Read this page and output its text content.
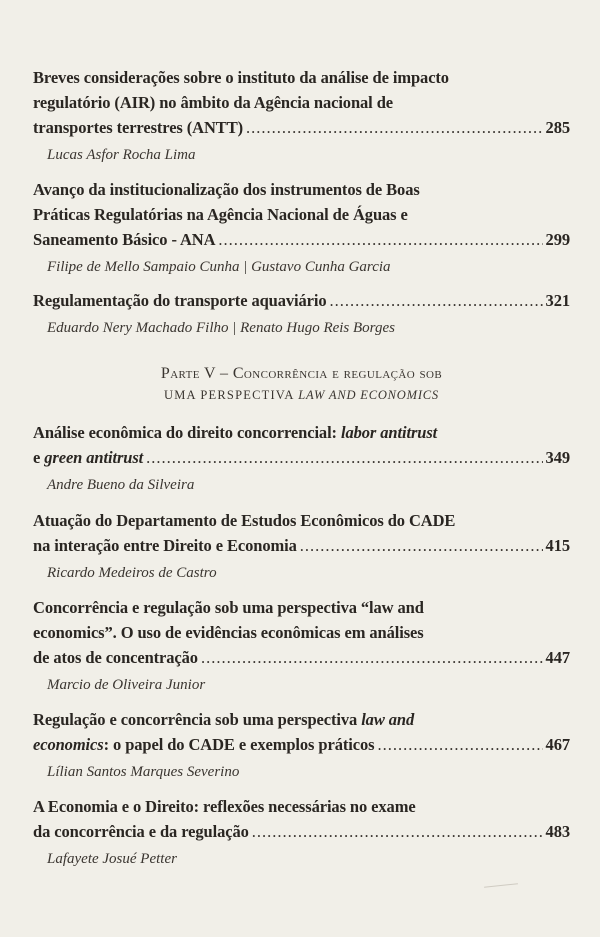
Breves considerações sobre o instituto da análise de impacto
regulatório (AIR) no âmbito da Agência nacional de
transportes terrestres (ANTT) .....	285
Lucas Asfor Rocha Lima
Avanço da institucionalização dos instrumentos de Boas
Práticas Regulatórias na Agência Nacional de Águas e
Saneamento Básico - ANA .....	299
Filipe de Mello Sampaio Cunha | Gustavo Cunha Garcia
Regulamentação do transporte aquaviário .....	321
Eduardo Nery Machado Filho | Renato Hugo Reis Borges
Parte V – Concorrência e regulação sob
UMA PERSPECTIVA LAW AND ECONOMICS
Análise econômica do direito concorrencial: labor antitrust
e green antitrust .....	349
Andre Bueno da Silveira
Atuação do Departamento de Estudos Econômicos do CADE
na interação entre Direito e Economia .....	415
Ricardo Medeiros de Castro
Concorrência e regulação sob uma perspectiva “law and
economics”. O uso de evidências econômicas em análises
de atos de concentração .....	447
Marcio de Oliveira Junior
Regulação e concorrência sob uma perspectiva law and
economics: o papel do CADE e exemplos práticos .....	467
Lílian Santos Marques Severino
A Economia e o Direito: reflexões necessárias no exame
da concorrência e da regulação .....	483
Lafayete Josué Petter
